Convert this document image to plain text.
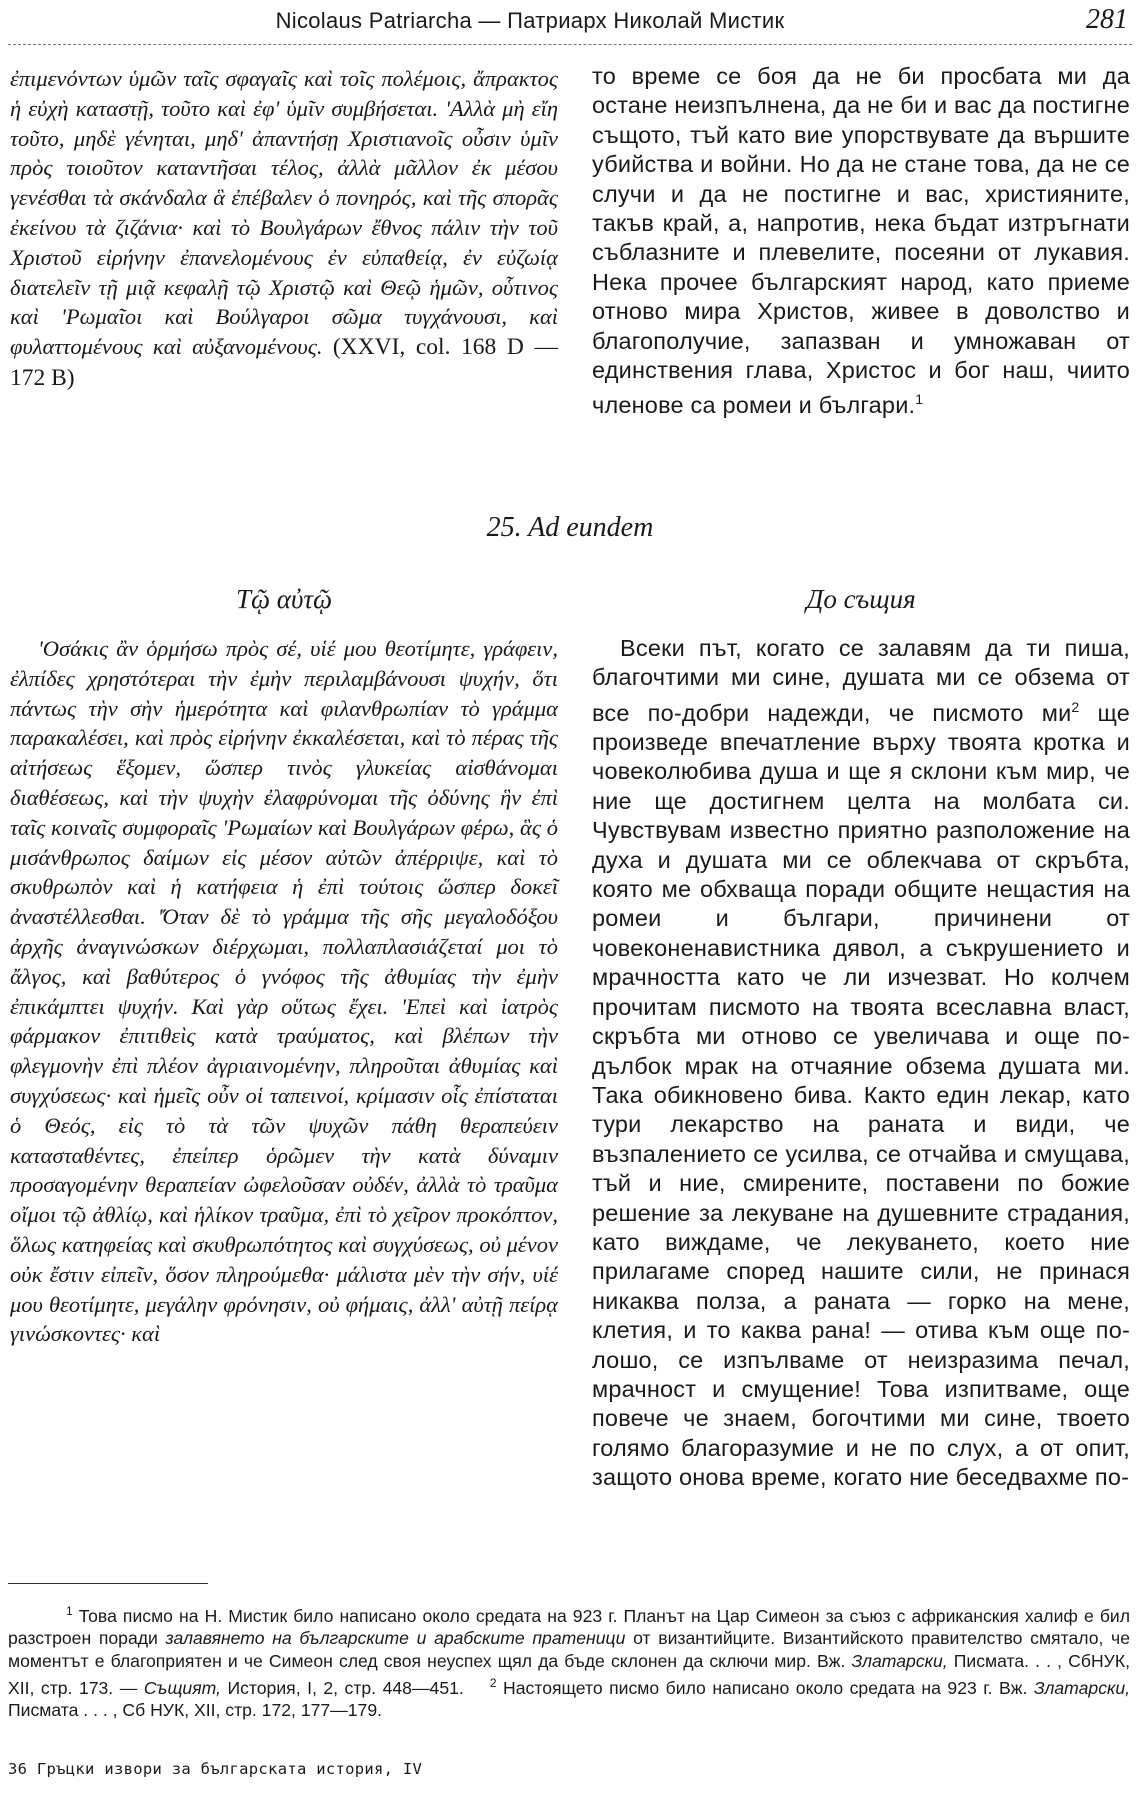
Nicolaus Patriarcha — Патриарх Николай Мистик	281

ἐπιμενόντων ὑμῶν ταῖς σφαγαῖς καὶ τοῖς πολέμοις, ἄπρακτος ἡ εὐχὴ καταστῇ, τοῦτο καὶ ἐφ' ὑμῖν συμβήσεται. 'Αλλὰ μὴ εἴη τοῦτο, μηδὲ γένηται, μηδ' ἀπαντήσῃ Χριστιανοῖς οὖσιν ὑμῖν πρὸς τοιοῦτον καταντῆσαι τέλος, ἀλλὰ μᾶλλον ἐκ μέσου γενέσθαι τὰ σκάνδαλα ἃ ἐπέβαλεν ὁ πονηρός, καὶ τῆς σπορᾶς ἐκείνου τὰ ζιζάνια· καὶ τὸ Βουλγάρων ἔθνος πάλιν τὴν τοῦ Χριστοῦ εἰρήνην ἐπανελομένους ἐν εὐπαθείᾳ, ἐν εὐζωίᾳ διατελεῖν τῇ μιᾷ κεφαλῇ τῷ Χριστῷ καὶ Θεῷ ἡμῶν, οὗτινος καὶ 'Ρωμαῖοι καὶ Βούλγαροι σῶμα τυγχάνουσι, καὶ φυλαττομένους καὶ αὐξανομένους. (XXVI, col. 168 D — 172 B)

то време се боя да не би просбата ми да остане неизпълнена, да не би и вас да постигне същото, тъй като вие упорствувате да вършите убийства и войни. Но да не стане това, да не се случи и да не постигне и вас, християните, такъв край, а, напротив, нека бъдат изтръгнати съблазните и плевелите, посеяни от лукавия. Нека прочее българският народ, като приеме отново мира Христов, живее в доволство и благополучие, запазван и умножаван от единствения глава, Христос и бог наш, чиито членове са ромеи и българи.$^1$

25. Ad eundem
Τῷ αὐτῷ	До същия

'Οσάκις ἂν ὁρμήσω πρὸς σέ, υἱέ μου θεοτίμητε, γράφειν, ἐλπίδες χρηστότεραι τὴν ἐμὴν περιλαμβάνουσι ψυχήν, ὅτι πάντως τὴν σὴν ἡμερότητα καὶ φιλανθρωπίαν τὸ γράμμα παρακαλέσει, καὶ πρὸς εἰρήνην ἐκκαλέσεται, καὶ τὸ πέρας τῆς αἰτήσεως ἕξομεν, ὥσπερ τινὸς γλυκείας αἰσθάνομαι διαθέσεως, καὶ τὴν ψυχὴν ἐλαφρύνομαι τῆς ὀδύνης ἣν ἐπὶ ταῖς κοιναῖς συμφοραῖς 'Ρωμαίων καὶ Βουλγάρων φέρω, ἃς ὁ μισάνθρωπος δαίμων εἰς μέσον αὐτῶν ἀπέρριψε, καὶ τὸ σκυθρωπὸν καὶ ἡ κατήφεια ἡ ἐπὶ τούτοις ὥσπερ δοκεῖ ἀναστέλλεσθαι. 'Όταν δὲ τὸ γράμμα τῆς σῆς μεγαλοδόξου ἀρχῆς ἀναγινώσκων διέρχωμαι, πολλαπλασιάζεταί μοι τὸ ἄλγος, καὶ βαθύτερος ὁ γνόφος τῆς ἀθυμίας τὴν ἐμὴν ἐπικάμπτει ψυχήν. Καὶ γὰρ οὕτως ἔχει. 'Επεὶ καὶ ἰατρὸς φάρμακον ἐπιτιθεὶς κατὰ τραύματος, καὶ βλέπων τὴν φλεγμονὴν ἐπὶ πλέον ἀγριαινομένην, πληροῦται ἀθυμίας καὶ συγχύσεως· καὶ ἡμεῖς οὖν οἱ ταπεινοί, κρίμασιν οἷς ἐπίσταται ὁ Θεός, εἰς τὸ τὰ τῶν ψυχῶν πάθη θεραπεύειν κατασταθέντες, ἐπείπερ ὁρῶμεν τὴν κατὰ δύναμιν προσαγομένην θεραπείαν ὠφελοῦσαν οὐδέν, ἀλλὰ τὸ τραῦμα οἴμοι τῷ ἀθλίῳ, καὶ ἡλίκον τραῦμα, ἐπὶ τὸ χεῖρον προκόπτον, ὅλως κατηφείας καὶ σκυθρωπότητος καὶ συγχύσεως, οὐ μένον οὐκ ἔστιν εἰπεῖν, ὅσον πληρούμεθα· μάλιστα μὲν τὴν σήν, υἱέ μου θεοτίμητε, μεγάλην φρόνησιν, οὐ φήμαις, ἀλλ' αὐτῇ πείρᾳ γινώσκοντες· καὶ

Всеки път, когато се залавям да ти пиша, благочтими ми сине, душата ми се обзема от все по-добри надежди, че писмото $ми^2$ ще произведе впечатление върху твоята кротка и човеколюбива душа и ще я склони към мир, че ние ще достигнем целта на молбата си. Чувствувам известно приятно разположение на духа и душата ми се облекчава от скръбта, която ме обхваща поради общите нещастия на ромеи и българи, причинени от човеконенавистника дявол, а съкрушението и мрачността като че ли изчезват. Но колчем прочитам писмото на твоята всеславна власт, скръбта ми отново се увеличава и още по-дълбок мрак на отчаяние обзема душата ми. Така обикновено бива. Както един лекар, като тури лекарство на раната и види, че възпалението се усилва, се отчайва и смущава, тъй и ние, смирените, поставени по божие решение за лекуване на душевните страдания, като виждаме, че лекуването, което ние прилагаме според нашите сили, не принася никаква полза, а раната — горко на мене, клетия, и то каква рана! — отива към още по-лошо, се изпълваме от неизразима печал, мрачност и смущение! Това изпитваме, още повече че знаем, богочтими ми сине, твоето голямо благоразумие и не по слух, а от опит, защото онова време, когато ние беседвахме по-

$^1$ Това писмо на Н. Мистик било написано около средата на 923 г. Планът на Цар Симеон за съюз с африканския халиф е бил разстроен поради залавянето на българските и арабските пратеници от византийците. Византийското правителство смятало, че моментът е благоприятен и че Симеон след своя неуспех щял да бъде склонен да сключи мир. Вж. Златарски, Писмата. . . , СбНУК, XII, стр. 173. — Същият, История, I, 2, стр. 448—451. $^2$ Настоящето писмо било написано около средата на 923 г. Вж. Златарски, Писмата . . . , Сб НУК, XII, стр. 172, 177—179.

36 Гръцки извори за българската история, IV
